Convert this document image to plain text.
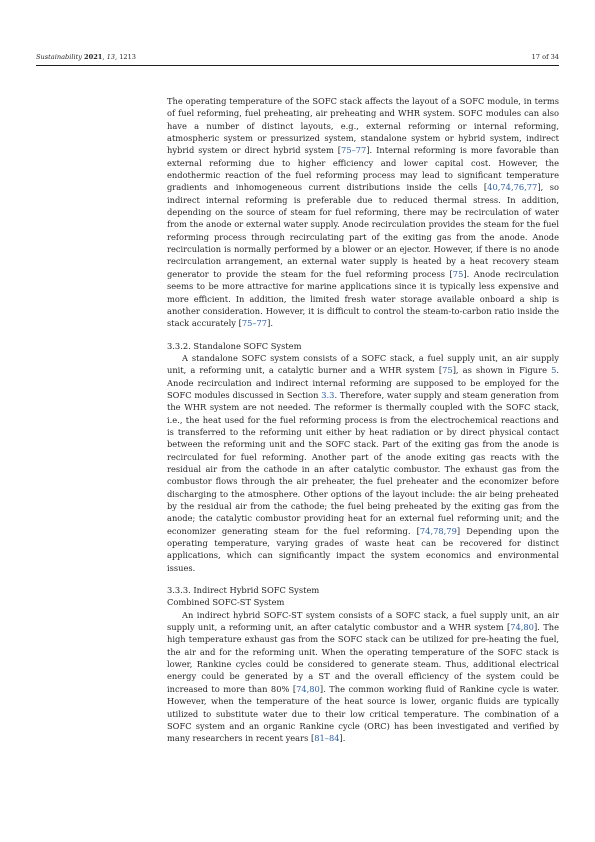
Sustainability 2021, 13, 1213	17 of 34

The operating temperature of the SOFC stack affects the layout of a SOFC module, in terms of fuel reforming, fuel preheating, air preheating and WHR system. SOFC modules can also have a number of distinct layouts, e.g., external reforming or internal reforming, atmospheric system or pressurized system, standalone system or hybrid system, indirect hybrid system or direct hybrid system [75–77]. Internal reforming is more favorable than external reforming due to higher efficiency and lower capital cost. However, the endothermic reaction of the fuel reforming process may lead to significant temperature gradients and inhomogeneous current distributions inside the cells [40,74,76,77], so indirect internal reforming is preferable due to reduced thermal stress. In addition, depending on the source of steam for fuel reforming, there may be recirculation of water from the anode or external water supply. Anode recirculation provides the steam for the fuel reforming process through recirculating part of the exiting gas from the anode. Anode recirculation is normally performed by a blower or an ejector. However, if there is no anode recirculation arrangement, an external water supply is heated by a heat recovery steam generator to provide the steam for the fuel reforming process [75]. Anode recirculation seems to be more attractive for marine applications since it is typically less expensive and more efficient. In addition, the limited fresh water storage available onboard a ship is another consideration. However, it is difficult to control the steam-to-carbon ratio inside the stack accurately [75–77].

3.3.2. Standalone SOFC System

A standalone SOFC system consists of a SOFC stack, a fuel supply unit, an air supply unit, a reforming unit, a catalytic burner and a WHR system [75], as shown in Figure 5. Anode recirculation and indirect internal reforming are supposed to be employed for the SOFC modules discussed in Section 3.3. Therefore, water supply and steam generation from the WHR system are not needed. The reformer is thermally coupled with the SOFC stack, i.e., the heat used for the fuel reforming process is from the electrochemical reactions and is transferred to the reforming unit either by heat radiation or by direct physical contact between the reforming unit and the SOFC stack. Part of the exiting gas from the anode is recirculated for fuel reforming. Another part of the anode exiting gas reacts with the residual air from the cathode in an after catalytic combustor. The exhaust gas from the combustor flows through the air preheater, the fuel preheater and the economizer before discharging to the atmosphere. Other options of the layout include: the air being preheated by the residual air from the cathode; the fuel being preheated by the exiting gas from the anode; the catalytic combustor providing heat for an external fuel reforming unit; and the economizer generating steam for the fuel reforming. [74,78,79] Depending upon the operating temperature, varying grades of waste heat can be recovered for distinct applications, which can significantly impact the system economics and environmental issues.

3.3.3. Indirect Hybrid SOFC System
Combined SOFC-ST System

An indirect hybrid SOFC-ST system consists of a SOFC stack, a fuel supply unit, an air supply unit, a reforming unit, an after catalytic combustor and a WHR system [74,80]. The high temperature exhaust gas from the SOFC stack can be utilized for pre-heating the fuel, the air and for the reforming unit. When the operating temperature of the SOFC stack is lower, Rankine cycles could be considered to generate steam. Thus, additional electrical energy could be generated by a ST and the overall efficiency of the system could be increased to more than 80% [74,80]. The common working fluid of Rankine cycle is water. However, when the temperature of the heat source is lower, organic fluids are typically utilized to substitute water due to their low critical temperature. The combination of a SOFC system and an organic Rankine cycle (ORC) has been investigated and verified by many researchers in recent years [81–84].
